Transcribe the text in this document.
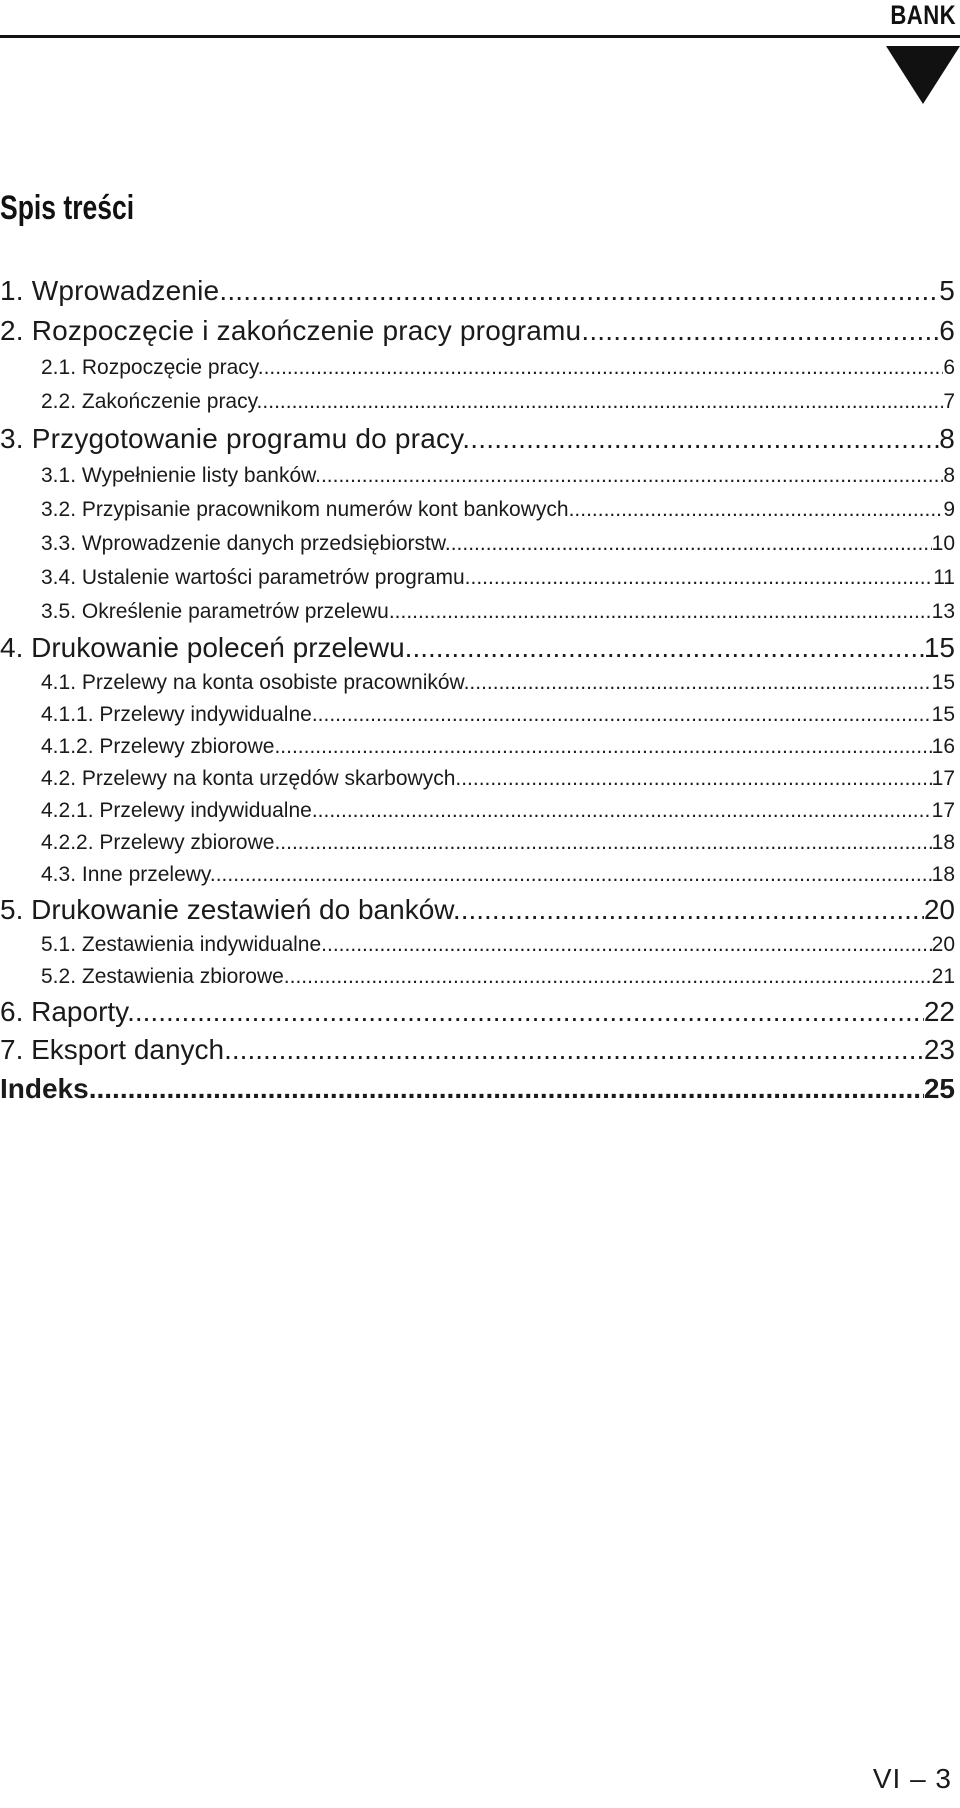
BANK
Spis treści
1. Wprowadzenie. .....	5
2. Rozpoczęcie i zakończenie pracy programu. .....	6
2.1. Rozpoczęcie pracy. .....	6
2.2. Zakończenie pracy. .....	7
3. Przygotowanie programu do pracy. .....	8
3.1. Wypełnienie listy banków. .....	8
3.2. Przypisanie pracownikom numerów kont bankowych. .....	9
3.3. Wprowadzenie danych przedsiębiorstw. .....	10
3.4. Ustalenie wartości parametrów programu. .....	11
3.5. Określenie parametrów przelewu. .....	13
4. Drukowanie poleceń przelewu. .....	15
4.1. Przelewy na konta osobiste pracowników. .....	15
4.1.1. Przelewy indywidualne. .....	15
4.1.2. Przelewy zbiorowe. .....	16
4.2. Przelewy na konta urzędów skarbowych. .....	17
4.2.1. Przelewy indywidualne. .....	17
4.2.2. Przelewy zbiorowe. .....	18
4.3. Inne przelewy. .....	18
5. Drukowanie zestawień do banków. .....	20
5.1. Zestawienia indywidualne. .....	20
5.2. Zestawienia zbiorowe. .....	21
6. Raporty. .....	22
7. Eksport danych. .....	23
Indeks. .....	25
VI – 3
